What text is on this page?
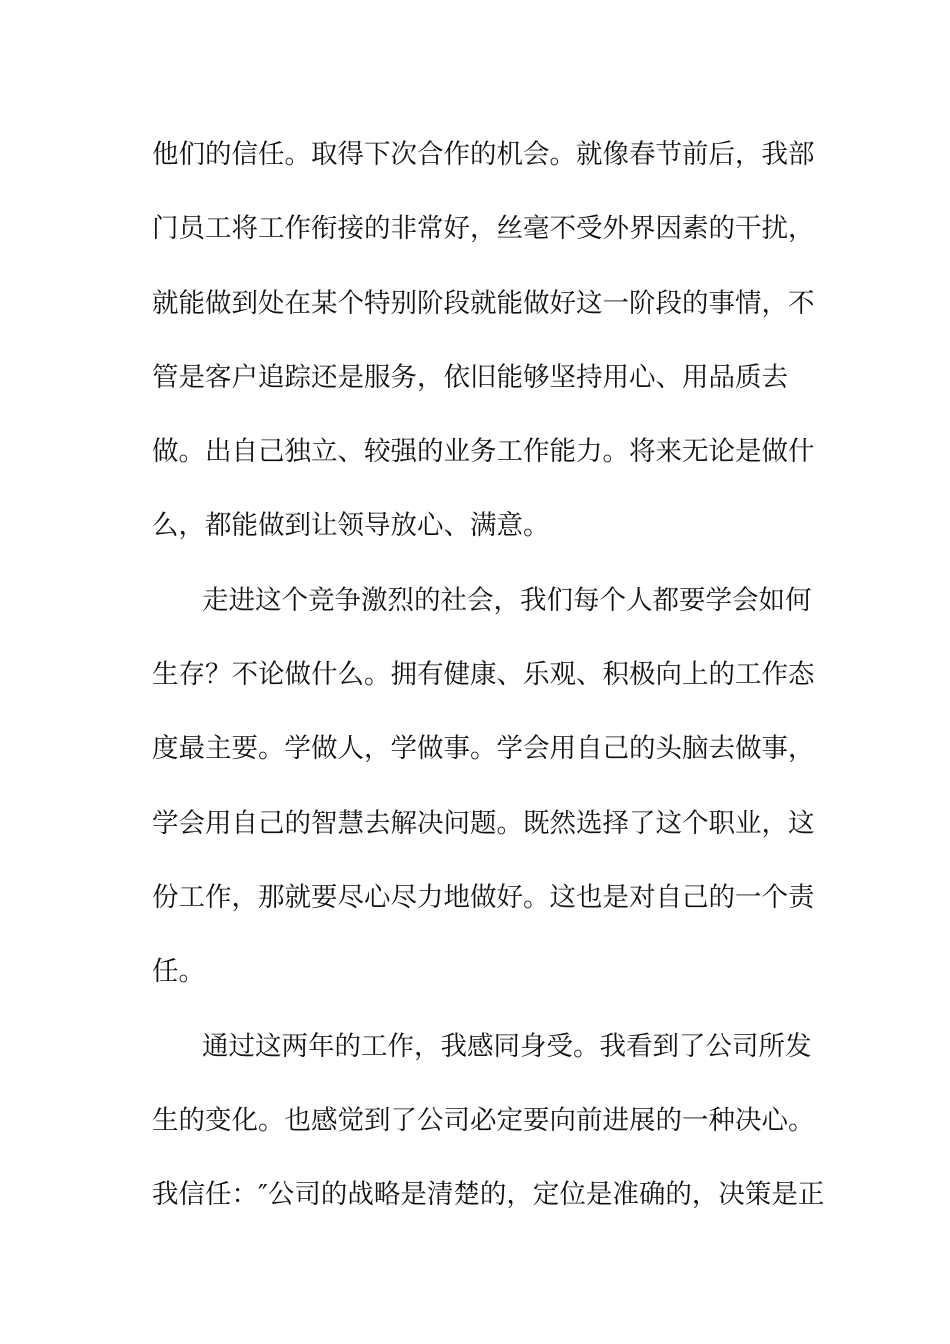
他们的信任。取得下次合作的机会。就像春节前后，我部
门员工将工作衔接的非常好，丝毫不受外界因素的干扰，
就能做到处在某个特别阶段就能做好这一阶段的事情，不
管是客户追踪还是服务，依旧能够坚持用心、用品质去
做。出自己独立、较强的业务工作能力。将来无论是做什
么，都能做到让领导放心、满意。
走进这个竞争激烈的社会，我们每个人都要学会如何
生存？不论做什么。拥有健康、乐观、积极向上的工作态
度最主要。学做人，学做事。学会用自己的头脑去做事，
学会用自己的智慧去解决问题。既然选择了这个职业，这
份工作，那就要尽心尽力地做好。这也是对自己的一个责
任。
通过这两年的工作，我感同身受。我看到了公司所发
生的变化。也感觉到了公司必定要向前进展的一种决心。
我信任：″公司的战略是清楚的，定位是准确的，决策是正
